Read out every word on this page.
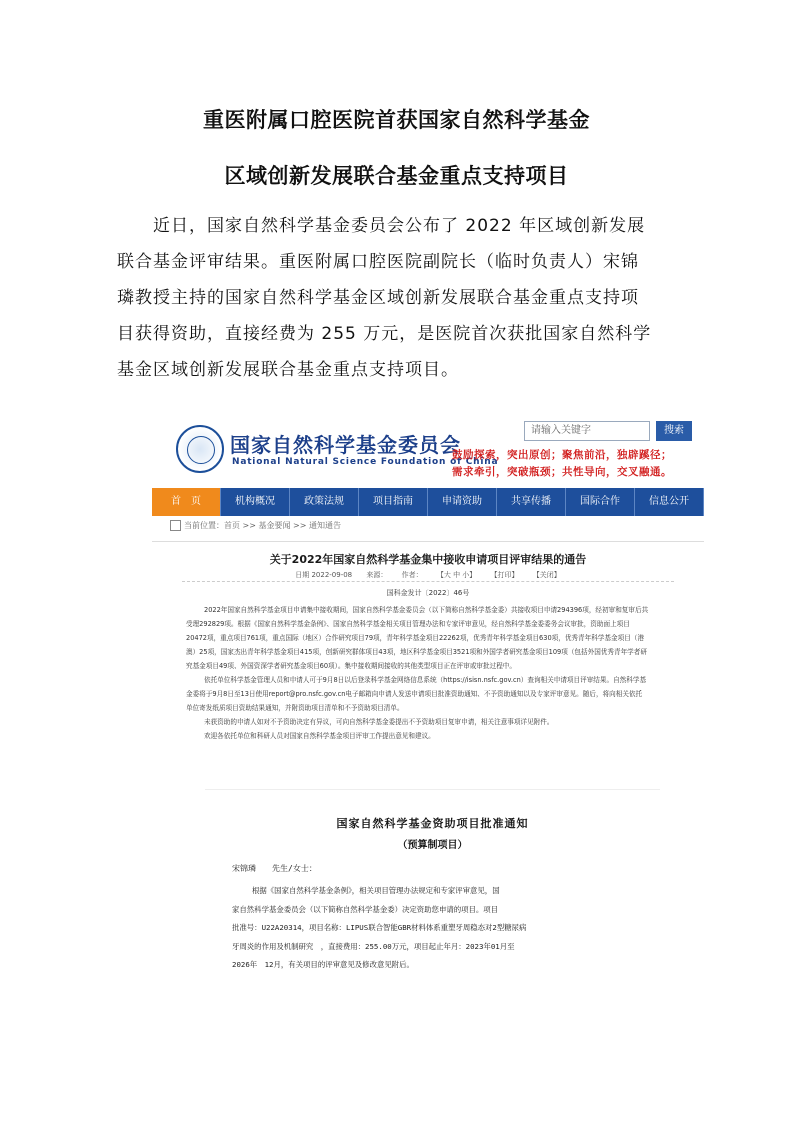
重医附属口腔医院首获国家自然科学基金
区域创新发展联合基金重点支持项目
近日，国家自然科学基金委员会公布了 2022 年区域创新发展
联合基金评审结果。重医附属口腔医院副院长（临时负责人）宋锦
璘教授主持的国家自然科学基金区域创新发展联合基金重点支持项
目获得资助，直接经费为 255 万元，是医院首次获批国家自然科学
基金区域创新发展联合基金重点支持项目。
国家自然科学基金委员会
National Natural Science Foundation of China
请输入关键字	搜索
鼓励探索，突出原创；聚焦前沿，独辟蹊径；
需求牵引，突破瓶颈；共性导向，交叉融通。
首　页	机构概况	政策法规	项目指南	申请资助	共享传播	国际合作	信息公开
当前位置：首页 >> 基金要闻 >> 通知通告
关于2022年国家自然科学基金集中接收申请项目评审结果的通告
日期 2022-09-08 来源： 作者： 【大 中 小】 【打印】 【关闭】
国科金发计〔2022〕46号
2022年国家自然科学基金项目申请集中接收期间，国家自然科学基金委员会（以下简称自然科学基金委）共接收项目申请294396项，经初审和复审后共
受理292829项。根据《国家自然科学基金条例》、国家自然科学基金相关项目管理办法和专家评审意见，经自然科学基金委委务会议审批，资助面上项目
20472项，重点项目761项，重点国际（地区）合作研究项目79项，青年科学基金项目22262项，优秀青年科学基金项目630项，优秀青年科学基金项目（港
澳）25项，国家杰出青年科学基金项目415项，创新研究群体项目43项，地区科学基金项目3521项和外国学者研究基金项目109项（包括外国优秀青年学者研
究基金项目49项、外国资深学者研究基金项目60项）。集中接收期间接收的其他类型项目正在评审或审批过程中。
依托单位科学基金管理人员和申请人可于9月8日以后登录科学基金网络信息系统（https://isisn.nsfc.gov.cn）查询相关申请项目评审结果。自然科学基
金委将于9月8日至13日使用report@pro.nsfc.gov.cn电子邮箱向申请人发送申请项目批准资助通知、不予资助通知以及专家评审意见。随后，将向相关依托
单位寄发纸质项目资助结果通知，并附资助项目清单和不予资助项目清单。
未获资助的申请人如对不予资助决定有异议，可向自然科学基金委提出不予资助项目复审申请，相关注意事项详见附件。
欢迎各依托单位和科研人员对国家自然科学基金项目评审工作提出意见和建议。
国家自然科学基金资助项目批准通知
（预算制项目）
宋锦璘　　先生/女士：
根据《国家自然科学基金条例》，相关项目管理办法规定和专家评审意见，国
家自然科学基金委员会（以下简称自然科学基金委）决定资助您申请的项目。项目
批准号：U22A20314，项目名称：LIPUS联合智能GBR材料体系重塑牙周稳态对2型糖尿病
牙周炎的作用及机制研究　，直接费用：255.00万元，项目起止年月：2023年01月至
2026年　12月，有关项目的评审意见及修改意见附后。
